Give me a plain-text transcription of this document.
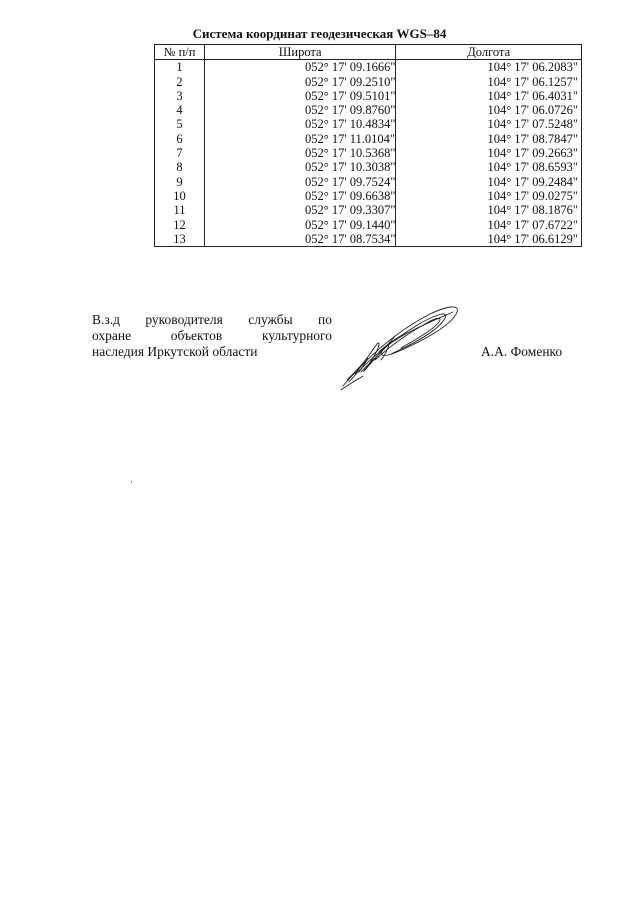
Система координат геодезическая WGS–84
№ п/п	Широта	Долгота
1	052° 17' 09.1666"	104° 17' 06.2083"
2	052° 17' 09.2510"	104° 17' 06.1257"
3	052° 17' 09.5101"	104° 17' 06.4031"
4	052° 17' 09.8760"	104° 17' 06.0726"
5	052° 17' 10.4834"	104° 17' 07.5248"
6	052° 17' 11.0104"	104° 17' 08.7847"
7	052° 17' 10.5368"	104° 17' 09.2663"
8	052° 17' 10.3038"	104° 17' 08.6593"
9	052° 17' 09.7524"	104° 17' 09.2484"
10	052° 17' 09.6638"	104° 17' 09.0275"
11	052° 17' 09.3307"	104° 17' 08.1876"
12	052° 17' 09.1440"	104° 17' 07.6722"
13	052° 17' 08.7534"	104° 17' 06.6129"
В.з.д руководителя службы по
охране объектов культурного
наследия Иркутской области	А.А. Фоменко
